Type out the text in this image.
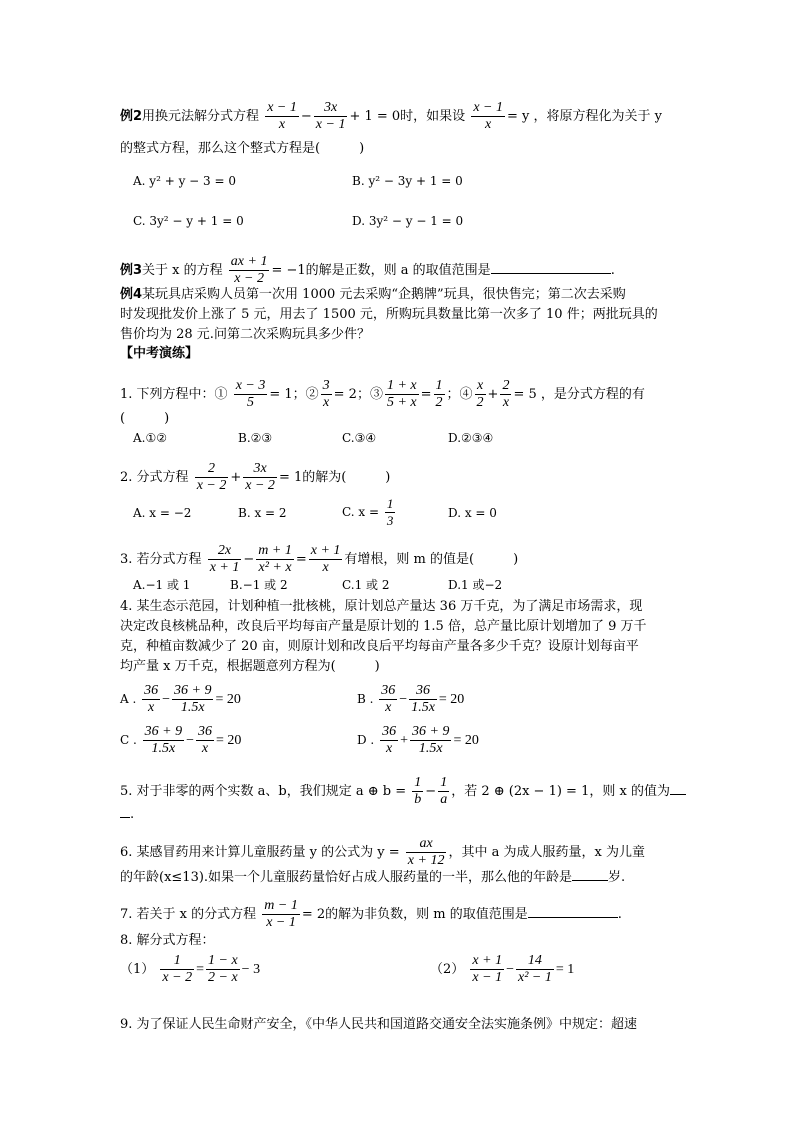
例2用换元法解分式方程 $\frac{x - 1}{x} - \frac{3x}{x - 1} + 1 = 0$时，如果设 $\frac{x - 1}{x} = y$ ，将原方程化为关于 y
的整式方程，那么这个整式方程是(　　　)
A. y² + y − 3 = 0	B. y² − 3y + 1 = 0
C. 3y² − y + 1 = 0	D. 3y² − y − 1 = 0
例3关于 x 的方程 $\frac{ax + 1}{x - 2} = -1$的解是正数，则 a 的取值范围是	.
例4某玩具店采购人员第一次用 1000 元去采购“企鹅牌”玩具，很快售完；第二次去采购
时发现批发价上涨了 5 元，用去了 1500 元，所购玩具数量比第一次多了 10 件；两批玩具的
售价均为 28 元.问第二次采购玩具多少件？
【中考演练】
1. 下列方程中：① $\frac{x - 3}{5} = 1$；② $\frac{3}{x} = 2$；③ $\frac{1 + x}{5 + x} = \frac{1}{2}$ ；④ $\frac{x}{2} + \frac{2}{x} = 5$ ，是分式方程的有
(　　　)
A.①②	B.②③	C.③④	D.②③④
2. 分式方程 $\frac{2}{x - 2} + \frac{3x}{x - 2} = 1$的解为(　　　)
A. x = −2	B. x = 2	C. $x = \frac{1}{3}$	D. x = 0
3. 若分式方程 $\frac{2x}{x + 1} - \frac{m + 1}{\text{x² + x}} = \frac{x + 1}{x}$ 有增根，则 m 的值是(　　　)
A.−1 或 1	B.−1 或 2	C.1 或 2	D.1 或−2
4. 某生态示范园，计划种植一批核桃，原计划总产量达 36 万千克，为了满足市场需求，现
决定改良核桃品种，改良后平均每亩产量是原计划的 1.5 倍，总产量比原计划增加了 9 万千
克，种植亩数减少了 20 亩，则原计划和改良后平均每亩产量各多少千克？设原计划每亩平
均产量 x 万千克，根据题意列方程为(　　　)
A . $\frac{36}{x} - \frac{36 + 9}{1.5x} = 20$	B . $\frac{36}{x} - \frac{36}{1.5x} = 20$
C . $\frac{36 + 9}{1.5x} - \frac{36}{x} = 20$	D . $\frac{36}{x} + \frac{36 + 9}{1.5x} = 20$
5. 对于非零的两个实数 a、b，我们规定 a ⊕ $b = \frac{1}{b} - \frac{1}{a}$ ，若 2 ⊕ (2x − 1) = 1，则 x 的值为
.
6. 某感冒药用来计算儿童服药量 y 的公式为 $y = \frac{ax}{x + 12}$ ，其中 a 为成人服药量，x 为儿童
的年龄(x≤13).如果一个儿童服药量恰好占成人服药量的一半，那么他的年龄是	岁.
7. 若关于 x 的分式方程 $\frac{m - 1}{x - 1} = 2$的解为非负数，则 m 的取值范围是	.
8. 解分式方程：
$(1) \frac{1}{x - 2} = \frac{1 - x}{2 - x} - 3$	$(2) \frac{x + 1}{x - 1} - \frac{14}{\text{x² − 1}} = 1$
9. 为了保证人民生命财产安全，《中华人民共和国道路交通安全法实施条例》中规定：超速
